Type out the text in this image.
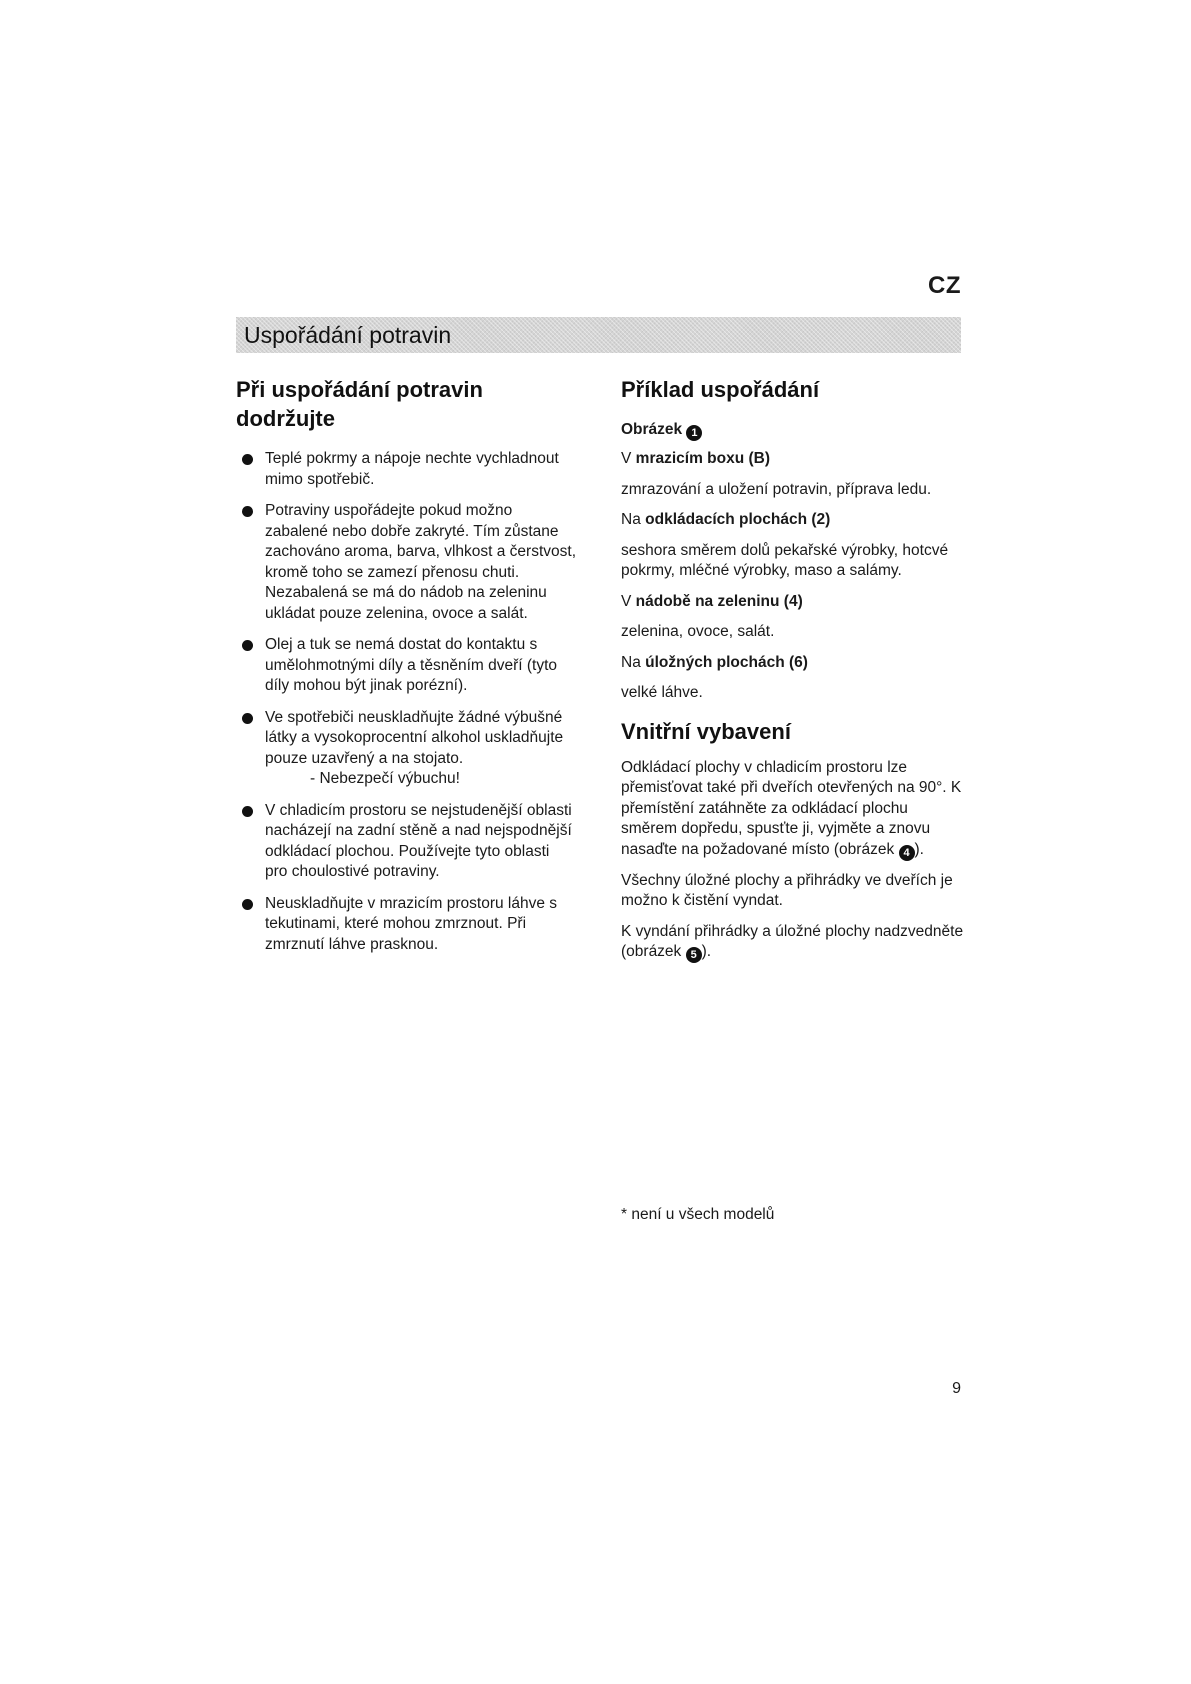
CZ
Uspořádání potravin
Při uspořádání potravin dodržujte
Teplé pokrmy a nápoje nechte vychladnout mimo spotřebič.
Potraviny uspořádejte pokud možno zabalené nebo dobře zakryté. Tím zůstane zachováno aroma, barva, vlhkost a čerstvost, kromě toho se zamezí přenosu chuti. Nezabalená se má do nádob na zeleninu ukládat pouze zelenina, ovoce a salát.
Olej a tuk se nemá dostat do kontaktu s umělohmotnými díly a těsněním dveří (tyto díly mohou být jinak porézní).
Ve spotřebiči neuskladňujte žádné výbušné látky a vysokoprocentní alkohol uskladňujte pouze uzavřený a na stojato.
- Nebezpečí výbuchu!
V chladicím prostoru se nejstudenější oblasti nacházejí na zadní stěně a nad nejspodnější odkládací plochou. Používejte tyto oblasti pro choulostivé potraviny.
Neuskladňujte v mrazicím prostoru láhve s tekutinami, které mohou zmrznout. Při zmrznutí láhve prasknou.
Příklad uspořádání

Obrázek 1

V mrazicím boxu (B)

zmrazování a uložení potravin, příprava ledu.

Na odkládacích plochách (2)

seshora směrem dolů pekařské výrobky, hotcvé pokrmy, mléčné výrobky, maso a salámy.

V nádobě na zeleninu (4)

zelenina, ovoce, salát.

Na úložných plochách (6)

velké láhve.

Vnitřní vybavení

Odkládací plochy v chladicím prostoru lze přemisťovat také při dveřích otevřených na 90°. K přemístění zatáhněte za odkládací plochu směrem dopředu, spusťte ji, vyjměte a znovu nasaďte na požadované místo (obrázek 4 ).

Všechny úložné plochy a přihrádky ve dveřích je možno k čistění vyndat.

K vyndání přihrádky a úložné plochy nadzvedněte (obrázek 5 ).

* není u všech modelů

9
